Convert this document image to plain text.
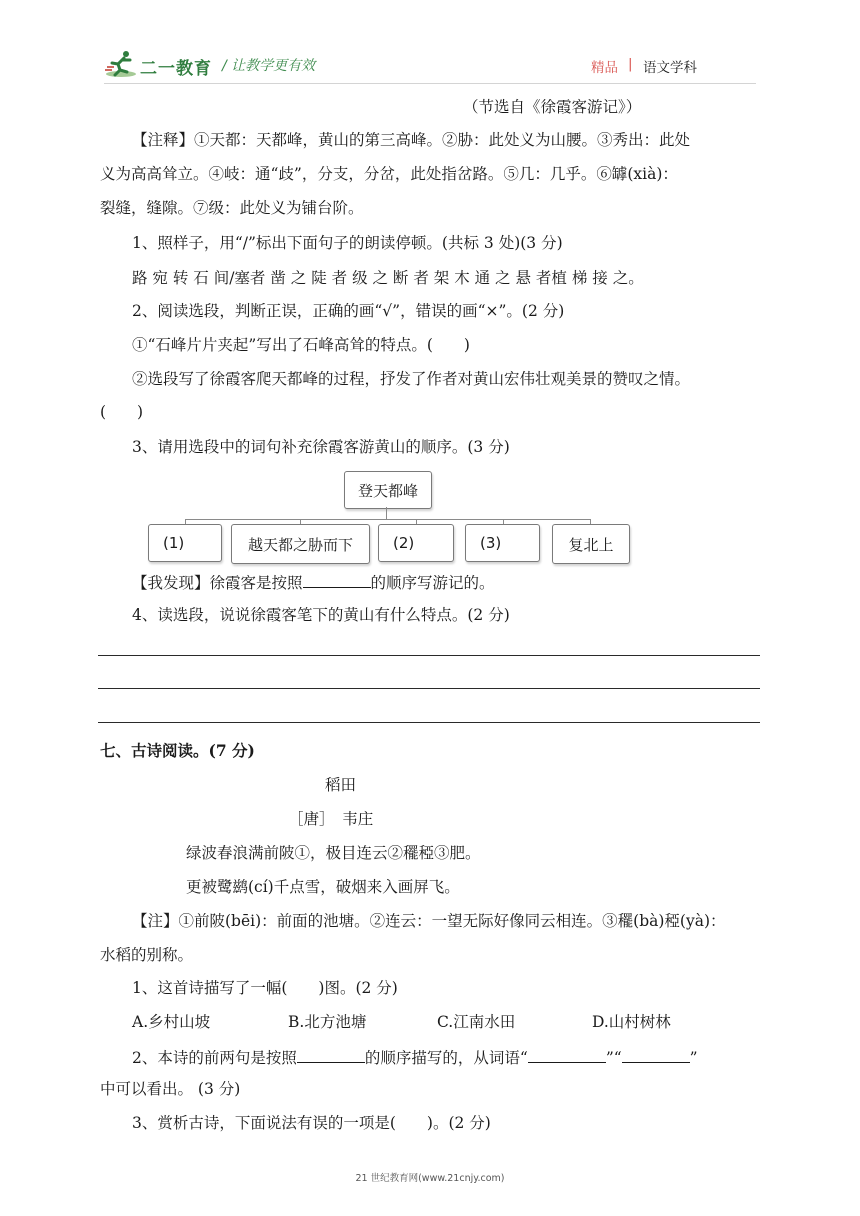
二一教育 / 让教学更有效	精品 | 语文学科
（节选自《徐霞客游记》）
【注释】①天都：天都峰，黄山的第三高峰。②胁：此处义为山腰。③秀出：此处
义为高高耸立。④岐：通“歧”，分支，分岔，此处指岔路。⑤几：几乎。⑥罅(xià)：
裂缝，缝隙。⑦级：此处义为铺台阶。
1、照样子，用“/”标出下面句子的朗读停顿。(共标 3 处)(3 分)
路 宛 转 石 间/塞者 凿 之 陡 者 级 之 断 者 架 木 通 之 悬 者植 梯 接 之。
2、阅读选段，判断正误，正确的画“√”，错误的画“×”。(2 分)
①“石峰片片夹起”写出了石峰高耸的特点。(　　)
②选段写了徐霞客爬天都峰的过程，抒发了作者对黄山宏伟壮观美景的赞叹之情。
(　　)
3、请用选段中的词句补充徐霞客游黄山的顺序。(3 分)
登天都峰
(1)	越天都之胁而下	(2)	(3)	复北上
【我发现】徐霞客是按照	的顺序写游记的。
4、读选段，说说徐霞客笔下的黄山有什么特点。(2 分)
七、古诗阅读。(7 分)
稻田
［唐］　韦庄
绿波春浪满前陂①，极目连云②䆉稏③肥。
更被鹭鹚(cí)千点雪，破烟来入画屏飞。
【注】①前陂(bēi)：前面的池塘。②连云：一望无际好像同云相连。③䆉(bà)稏(yà)：
水稻的别称。
1、这首诗描写了一幅(　　)图。(2 分)
A.乡村山坡	B.北方池塘	C.江南水田	D.山村树林
2、本诗的前两句是按照	的顺序描写的，从词语“	”“	”
中可以看出。 (3 分)
3、赏析古诗，下面说法有误的一项是(　　)。(2 分)
21 世纪教育网(www.21cnjy.com)
